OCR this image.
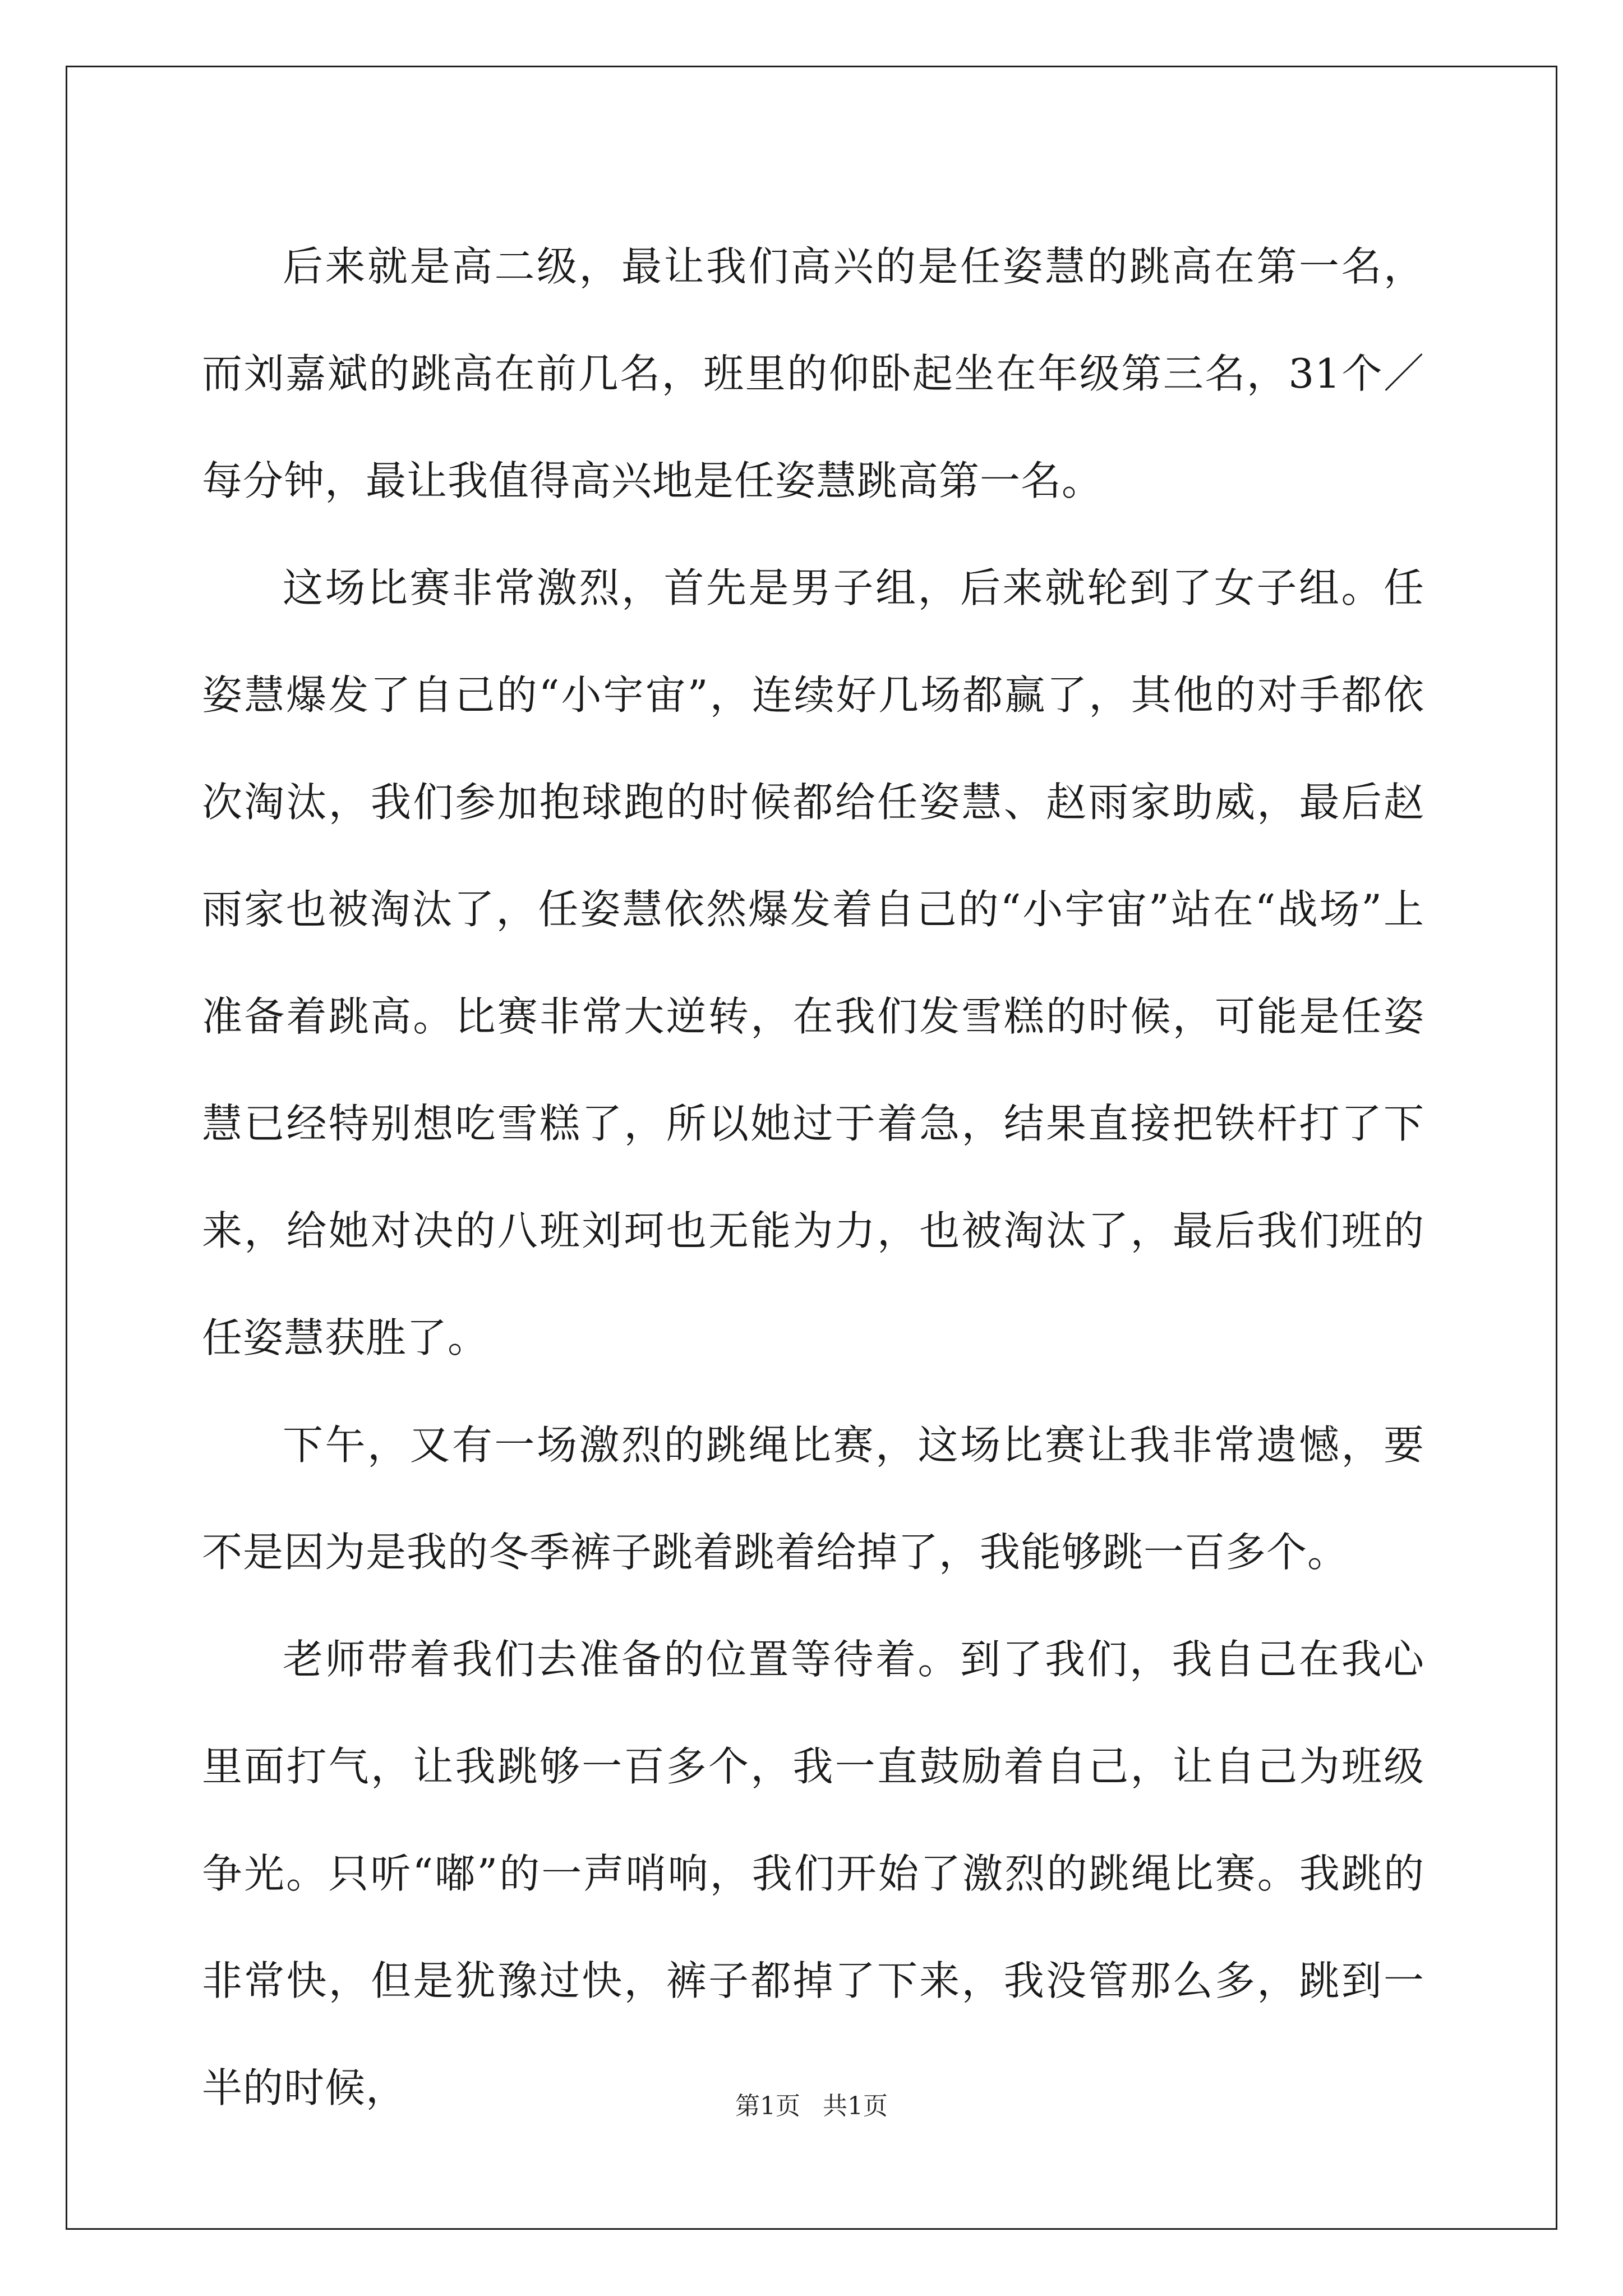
后来就是高二级，最让我们高兴的是任姿慧的跳高在第一名，而刘嘉斌的跳高在前几名，班里的仰卧起坐在年级第三名，31个／每分钟，最让我值得高兴地是任姿慧跳高第一名。

这场比赛非常激烈，首先是男子组，后来就轮到了女子组。任姿慧爆发了自己的“小宇宙”，连续好几场都赢了，其他的对手都依次淘汰，我们参加抱球跑的时候都给任姿慧、赵雨家助威，最后赵雨家也被淘汰了，任姿慧依然爆发着自己的“小宇宙”站在“战场”上准备着跳高。比赛非常大逆转，在我们发雪糕的时候，可能是任姿慧已经特别想吃雪糕了，所以她过于着急，结果直接把铁杆打了下来，给她对决的八班刘珂也无能为力，也被淘汰了，最后我们班的任姿慧获胜了。

下午，又有一场激烈的跳绳比赛，这场比赛让我非常遗憾，要不是因为是我的冬季裤子跳着跳着给掉了，我能够跳一百多个。

老师带着我们去准备的位置等待着。到了我们，我自己在我心里面打气，让我跳够一百多个，我一直鼓励着自己，让自己为班级争光。只听“嘟”的一声哨响，我们开始了激烈的跳绳比赛。我跳的非常快，但是犹豫过快，裤子都掉了下来，我没管那么多，跳到一半的时候，	第1页 共1页
